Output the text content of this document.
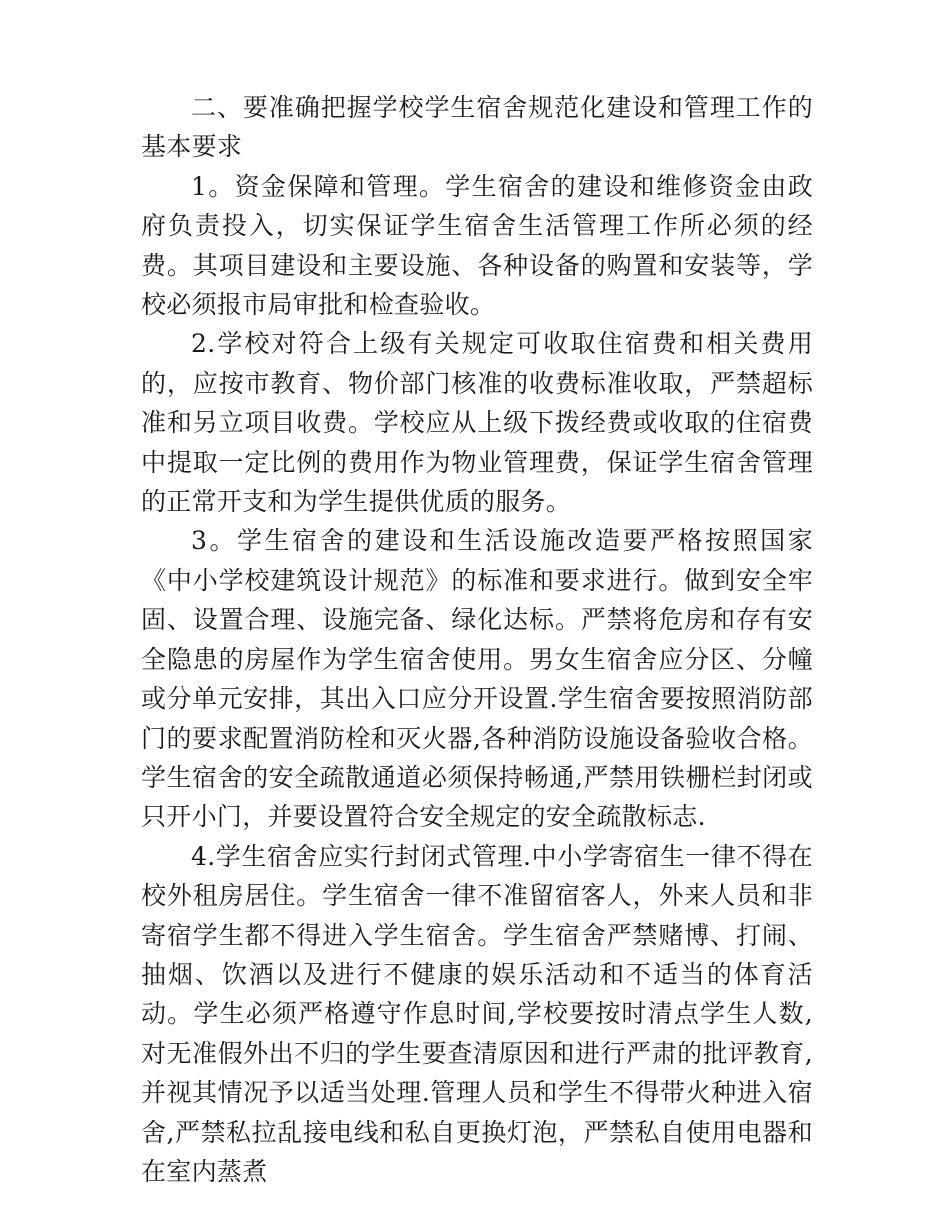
二、要准确把握学校学生宿舍规范化建设和管理工作的基本要求

1。资金保障和管理。学生宿舍的建设和维修资金由政府负责投入，切实保证学生宿舍生活管理工作所必须的经费。其项目建设和主要设施、各种设备的购置和安装等，学校必须报市局审批和检查验收。

2.学校对符合上级有关规定可收取住宿费和相关费用的，应按市教育、物价部门核准的收费标准收取，严禁超标准和另立项目收费。学校应从上级下拨经费或收取的住宿费中提取一定比例的费用作为物业管理费，保证学生宿舍管理的正常开支和为学生提供优质的服务。

3。学生宿舍的建设和生活设施改造要严格按照国家《中小学校建筑设计规范》的标准和要求进行。做到安全牢固、设置合理、设施完备、绿化达标。严禁将危房和存有安全隐患的房屋作为学生宿舍使用。男女生宿舍应分区、分幢或分单元安排，其出入口应分开设置.学生宿舍要按照消防部门的要求配置消防栓和灭火器,各种消防设施设备验收合格。学生宿舍的安全疏散通道必须保持畅通,严禁用铁栅栏封闭或只开小门，并要设置符合安全规定的安全疏散标志.

4.学生宿舍应实行封闭式管理.中小学寄宿生一律不得在校外租房居住。学生宿舍一律不准留宿客人，外来人员和非寄宿学生都不得进入学生宿舍。学生宿舍严禁赌博、打闹、抽烟、饮酒以及进行不健康的娱乐活动和不适当的体育活动。学生必须严格遵守作息时间,学校要按时清点学生人数,对无准假外出不归的学生要查清原因和进行严肃的批评教育,并视其情况予以适当处理.管理人员和学生不得带火种进入宿舍,严禁私拉乱接电线和私自更换灯泡，严禁私自使用电器和在室内蒸煮
